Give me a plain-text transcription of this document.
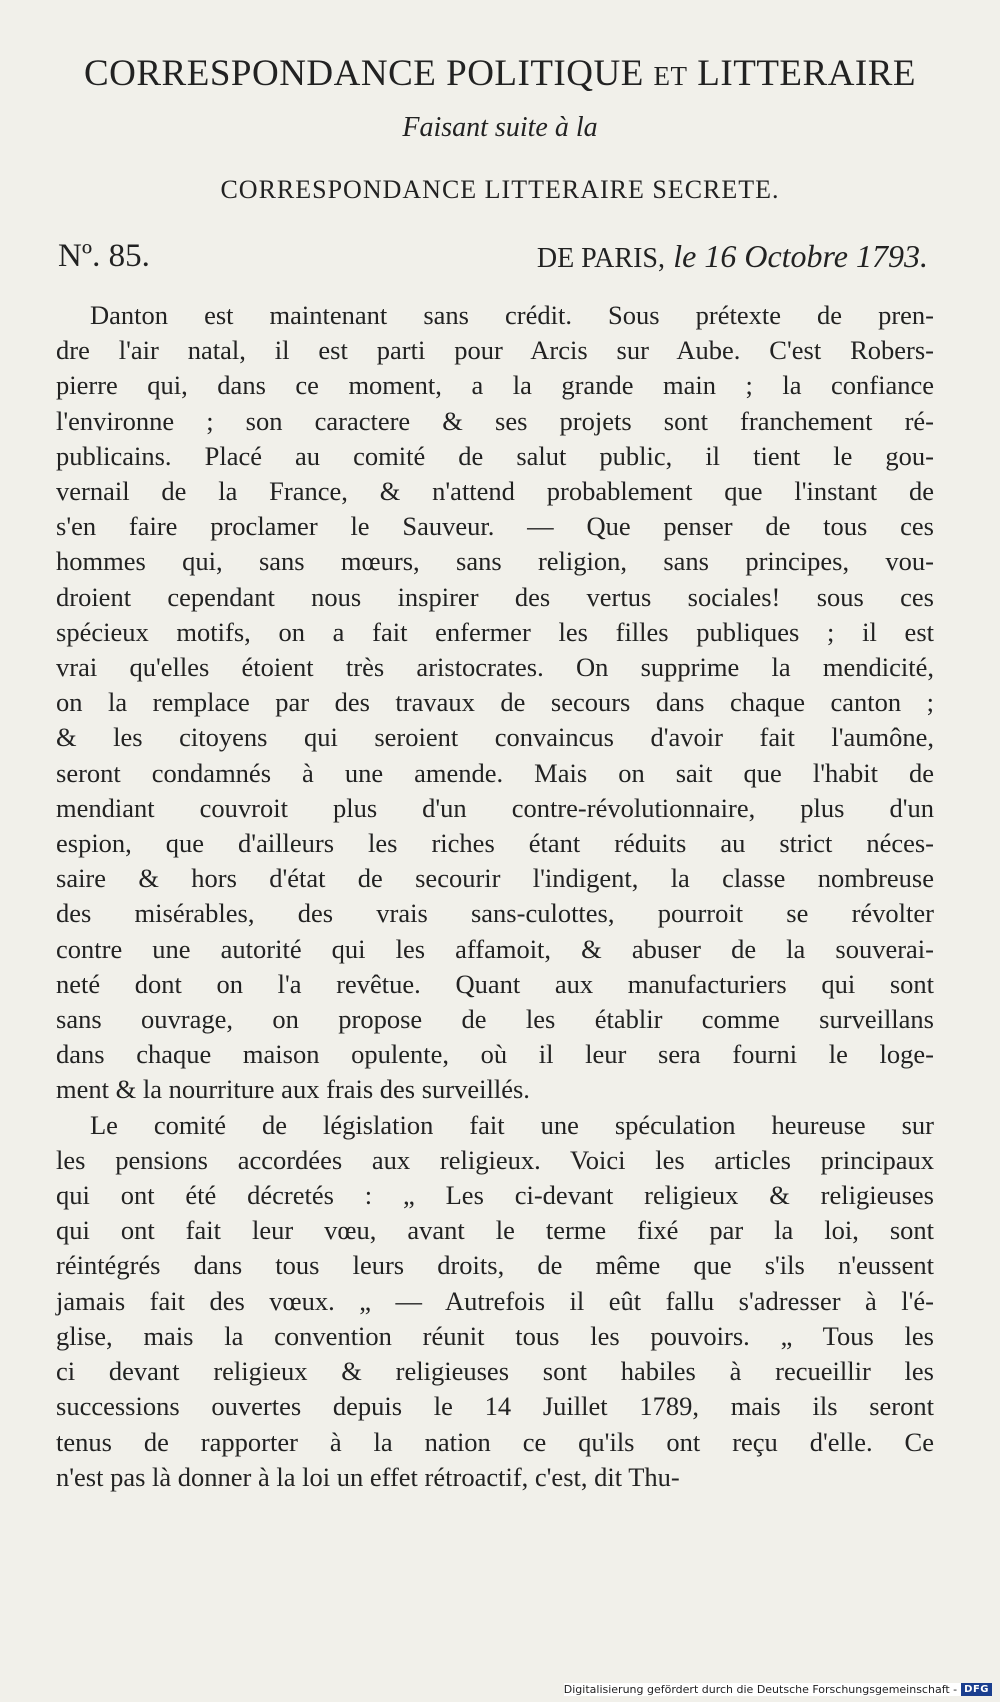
CORRESPONDANCE POLITIQUE ET LITTERAIRE
Faisant suite à la
CORRESPONDANCE LITTERAIRE SECRETE.
Nº. 85.	DE PARIS, le 16 Octobre 1793.
Danton est maintenant sans crédit. Sous prétexte de pren-
dre l'air natal, il est parti pour Arcis sur Aube. C'est Robers-
pierre qui, dans ce moment, a la grande main ; la confiance
l'environne ; son caractere & ses projets sont franchement ré-
publicains. Placé au comité de salut public, il tient le gou-
vernail de la France, & n'attend probablement que l'instant de
s'en faire proclamer le Sauveur. — Que penser de tous ces
hommes qui, sans mœurs, sans religion, sans principes, vou-
droient cependant nous inspirer des vertus sociales! sous ces
spécieux motifs, on a fait enfermer les filles publiques ; il est
vrai qu'elles étoient très aristocrates. On supprime la mendicité,
on la remplace par des travaux de secours dans chaque canton ;
& les citoyens qui seroient convaincus d'avoir fait l'aumône,
seront condamnés à une amende. Mais on sait que l'habit de
mendiant couvroit plus d'un contre-révolutionnaire, plus d'un
espion, que d'ailleurs les riches étant réduits au strict néces-
saire & hors d'état de secourir l'indigent, la classe nombreuse
des misérables, des vrais sans-culottes, pourroit se révolter
contre une autorité qui les affamoit, & abuser de la souverai-
neté dont on l'a revêtue. Quant aux manufacturiers qui sont
sans ouvrage, on propose de les établir comme surveillans
dans chaque maison opulente, où il leur sera fourni le loge-
ment & la nourriture aux frais des surveillés.
Le comité de législation fait une spéculation heureuse sur
les pensions accordées aux religieux. Voici les articles principaux
qui ont été décretés : „ Les ci-devant religieux & religieuses
qui ont fait leur vœu, avant le terme fixé par la loi, sont
réintégrés dans tous leurs droits, de même que s'ils n'eussent
jamais fait des vœux. „ — Autrefois il eût fallu s'adresser à l'é-
glise, mais la convention réunit tous les pouvoirs. „ Tous les
ci devant religieux & religieuses sont habiles à recueillir les
successions ouvertes depuis le 14 Juillet 1789, mais ils seront
tenus de rapporter à la nation ce qu'ils ont reçu d'elle. Ce
n'est pas là donner à la loi un effet rétroactif, c'est, dit Thu-
Digitalisierung gefördert durch die Deutsche Forschungsgemeinschaft - DFG
